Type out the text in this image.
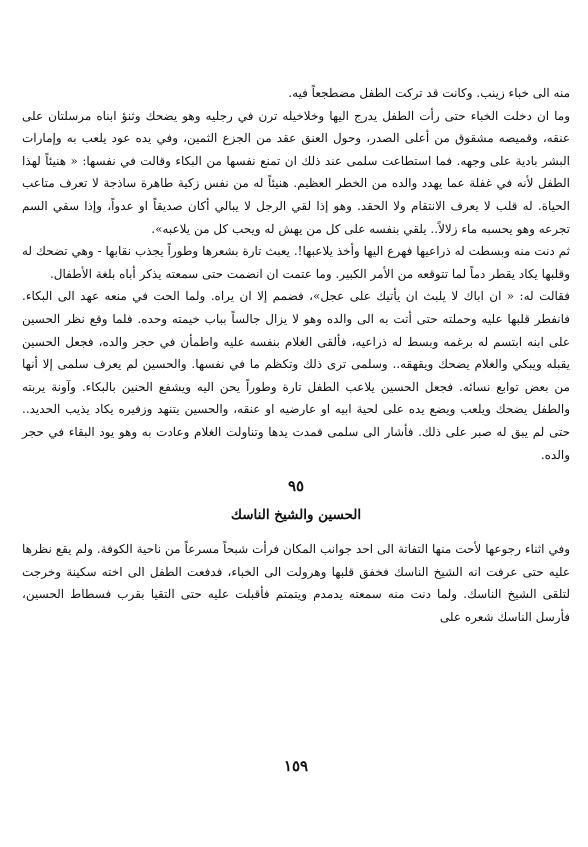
منه الى خباء زينب. وكانت قد تركت الطفل مضطجعاً فيه.

وما ان دخلت الخباء حتى رأت الطفل يدرج اليها وخلاخيله ترن في رجليه وهو يضحك وثنؤ ابناه مرسلتان على عنقه، وقميصه مشقوق من أعلى الصدر، وحول العنق عقد من الجزع الثمين، وفي يده عود يلعب به وإمارات البشر بادية على وجهه. فما استطاعت سلمى عند ذلك ان تمنع نفسها من البكاء وقالت في نفسها: « هنيئاً لهذا الطفل لأنه في غفلة عما يهدد والده من الخطر العظيم. هنيئاً له من نفس زكية طاهرة ساذجة لا تعرف متاعب الحياة. له قلب لا يعرف الانتقام ولا الحقد. وهو إذا لقي الرجل لا يبالي أكان صديقاً او عدواً، وإذا سقي السم تجرعه وهو يحسبه ماء زلالاً.. يلقي بنفسه على كل من يهش له ويحب كل من يلاعبه».

ثم دنت منه وبسطت له ذراعيها فهرع اليها وأخذ يلاعبها!. يعبث تارة بشعرها وطوراً يجذب نقابها - وهي تضحك له وقلبها يكاد يقطر دماً لما تتوقعه من الأمر الكبير. وما عتمت ان انضمت حتى سمعته يذكر أباه بلغة الأطفال.

فقالت له: « ان اباك لا يلبث ان يأتيك على عجل»، فضمم إلا ان يراه. ولما الحت في منعه عهد الى البكاء. فانفطر قلبها عليه وحملته حتى أتت به الى والده وهو لا يزال جالساً بباب خيمته وحده. فلما وقع نظر الحسين على ابنه ابتسم له برغمه وبسط له ذراعيه، فألقى الغلام بنفسه عليه واطمأن في حجر والده، فجعل الحسين يقبله ويبكي والغلام يضحك ويقهقه.. وسلمى ترى ذلك وتكظم ما في نفسها. والحسين لم يعرف سلمى إلا أنها من بعض توابع نسائه. فجعل الحسين يلاعب الطفل تارة وطوراً يحن اليه ويشفع الحنين بالبكاء. وآونة يربته والطفل يضحك ويلعب ويضع يده على لحية ابيه او عارضيه او عنقه، والحسين يتنهد وزفيره يكاد يذيب الحديد.. حتى لم يبق له صبر على ذلك. فأشار الى سلمى فمدت يدها وتناولت الغلام وعادت به وهو يود البقاء في حجر والده.

٩٥
الحسين والشيخ الناسك

وفي اثناء رجوعها لأحت منها التفاتة الى احد جوانب المكان فرأت شبحاً مسرعاً من ناحية الكوفة. ولم يقع نظرها عليه حتى عرفت انه الشيخ الناسك فخفق قلبها وهرولت الى الخباء، فدفعت الطفل الى اخته سكينة وخرجت لتلقى الشيخ الناسك. ولما دنت منه سمعته يدمدم ويتمتم فأقبلت عليه حتى التقيا بقرب فسطاط الحسين، فأرسل الناسك شعره على

١٥٩
